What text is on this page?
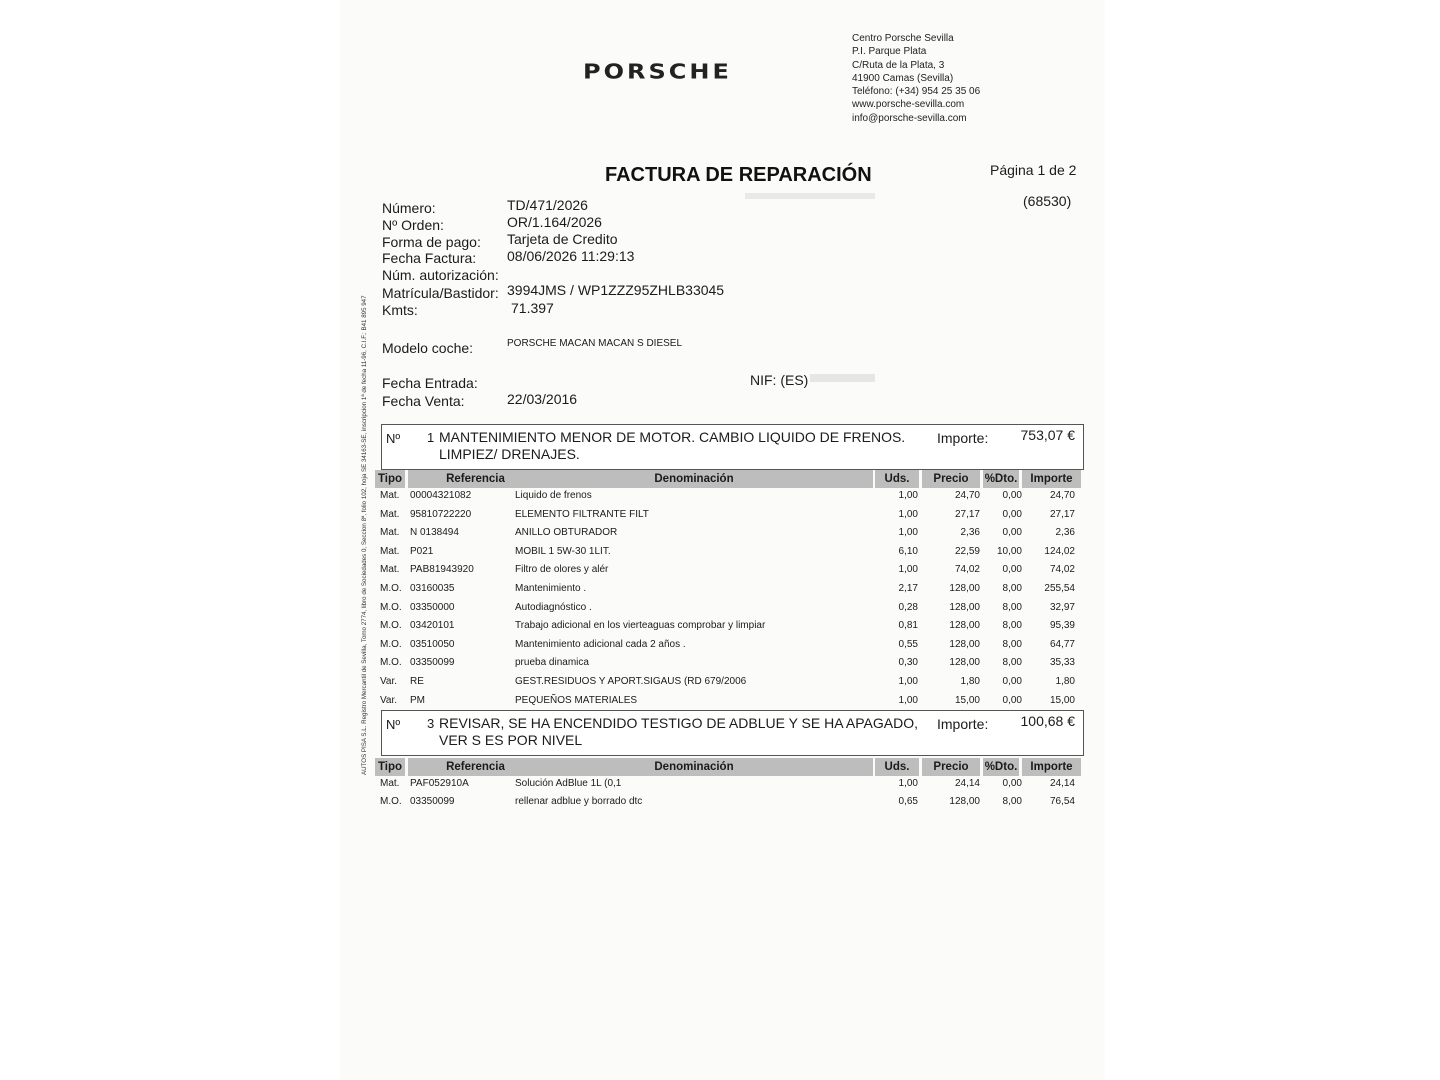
PORSCHE
Centro Porsche Sevilla
P.I. Parque Plata
C/Ruta de la Plata, 3
41900 Camas (Sevilla)
Teléfono: (+34) 954 25 35 06
www.porsche-sevilla.com
info@porsche-sevilla.com
FACTURA DE REPARACIÓN	Página 1 de 2
(68530)
Número:	TD/471/2026
Nº Orden:	OR/1.164/2026
Forma de pago: Tarjeta de Credito
Fecha Factura: 08/06/2026 11:29:13
Núm. autorización:
Matrícula/Bastidor: 3994JMS / WP1ZZZ95ZHLB33045
Kmts:	71.397
Modelo coche:	PORSCHE MACAN MACAN S DIESEL
Fecha Entrada:	NIF: (ES)
Fecha Venta:	22/03/2016
AUTOS PISA S.L. Registro Mercantil de Sevilla, Tomo 2774, libro de Sociedades 0, Seccion 8ª, folio 102, hoja SE 34163-SE, inscripcion 1ª de fecha 11-96, C.I.F.: B41 895 947 Nº 1 MANTENIMIENTO MENOR DE MOTOR. CAMBIO LIQUIDO DE FRENOS. LIMPIEZ/ DRENAJES.
Importe: 753,07 €
Tipo	Referencia	Denominación	Uds.	Precio	%Dto.	Importe
Mat. 00004321082	Liquido de frenos	1,00	24,70 0,00	24,70
Mat. 95810722220	ELEMENTO FILTRANTE FILT	1,00	27,17 0,00	27,17
Mat. N 0138494	ANILLO OBTURADOR	1,00	2,36 0,00	2,36
Mat. P021	MOBIL 1 5W-30 1LIT.	6,10	22,59 10,00 124,02
Mat. PAB81943920	Filtro de olores y alér	1,00	74,02 0,00	74,02
M.O. 03160035	Mantenimiento .	2,17	128,00 8,00 255,54
M.O. 03350000	Autodiagnóstico .	0,28	128,00 8,00	32,97
M.O. 03420101	Trabajo adicional en los vierteaguas comprobar y limpiar	0,81	128,00 8,00	95,39
M.O. 03510050	Mantenimiento adicional cada 2 años .	0,55	128,00 8,00	64,77
M.O. 03350099	prueba dinamica	0,30	128,00 8,00	35,33
Var. RE	GEST.RESIDUOS Y APORT.SIGAUS (RD 679/2006	1,00	1,80 0,00	1,80
Var. PM	PEQUEÑOS MATERIALES	1,00	15,00 0,00	15,00
Nº 3 REVISAR, SE HA ENCENDIDO TESTIGO DE ADBLUE Y SE HA APAGADO, VER S ES POR NIVEL
Importe: 100,68 €
Tipo	Referencia	Denominación	Uds.	Precio	%Dto.	Importe
Mat. PAF052910A	Solución AdBlue 1L (0,1	1,00	24,14 0,00	24,14
M.O. 03350099	rellenar adblue y borrado dtc	0,65	128,00 8,00	76,54
